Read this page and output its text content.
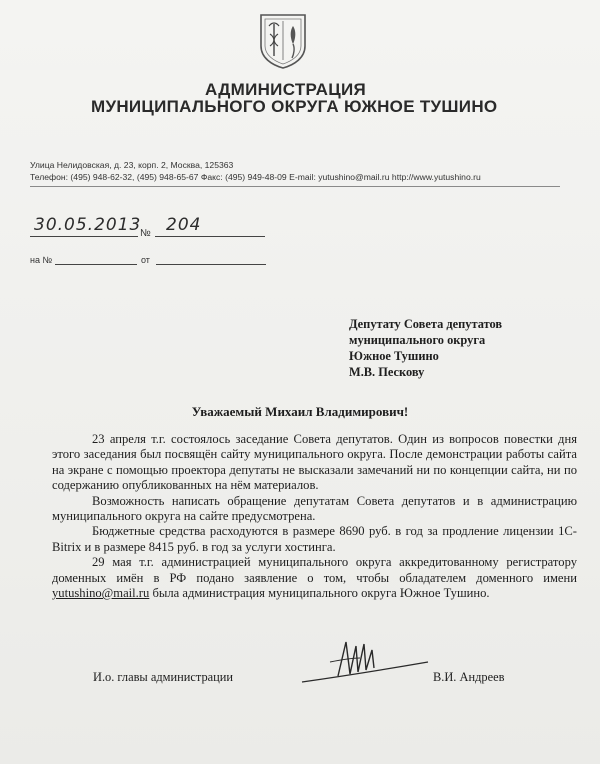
АДМИНИСТРАЦИЯ
МУНИЦИПАЛЬНОГО ОКРУГА ЮЖНОЕ ТУШИНО
Улица Нелидовская, д. 23, корп. 2, Москва, 125363
Телефон: (495) 948-62-32, (495) 948-65-67 Факс: (495) 949-48-09 E-mail: yutushino@mail.ru http://www.yutushino.ru
30.05.2013
№ 204
на №	от
Депутату Совета депутатов
муниципального округа
Южное Тушино
М.В. Пескову
Уважаемый Михаил Владимирович!

23 апреля т.г. состоялось заседание Совета депутатов. Один из вопросов повестки дня этого заседания был посвящён сайту муниципального округа. После демонстрации работы сайта на экране с помощью проектора депутаты не высказали замечаний ни по концепции сайта, ни по содержанию опубликованных на нём материалов.

Возможность написать обращение депутатам Совета депутатов и в администрацию муниципального округа на сайте предусмотрена.

Бюджетные средства расходуются в размере 8690 руб. в год за продление лицензии 1С-Bitrix и в размере 8415 руб. в год за услуги хостинга.

29 мая т.г. администрацией муниципального округа аккредитованному регистратору доменных имён в РФ подано заявление о том, чтобы обладателем доменного имени yutushino@mail.ru была администрация муниципального округа Южное Тушино.

И.о. главы администрации	В.И. Андреев
